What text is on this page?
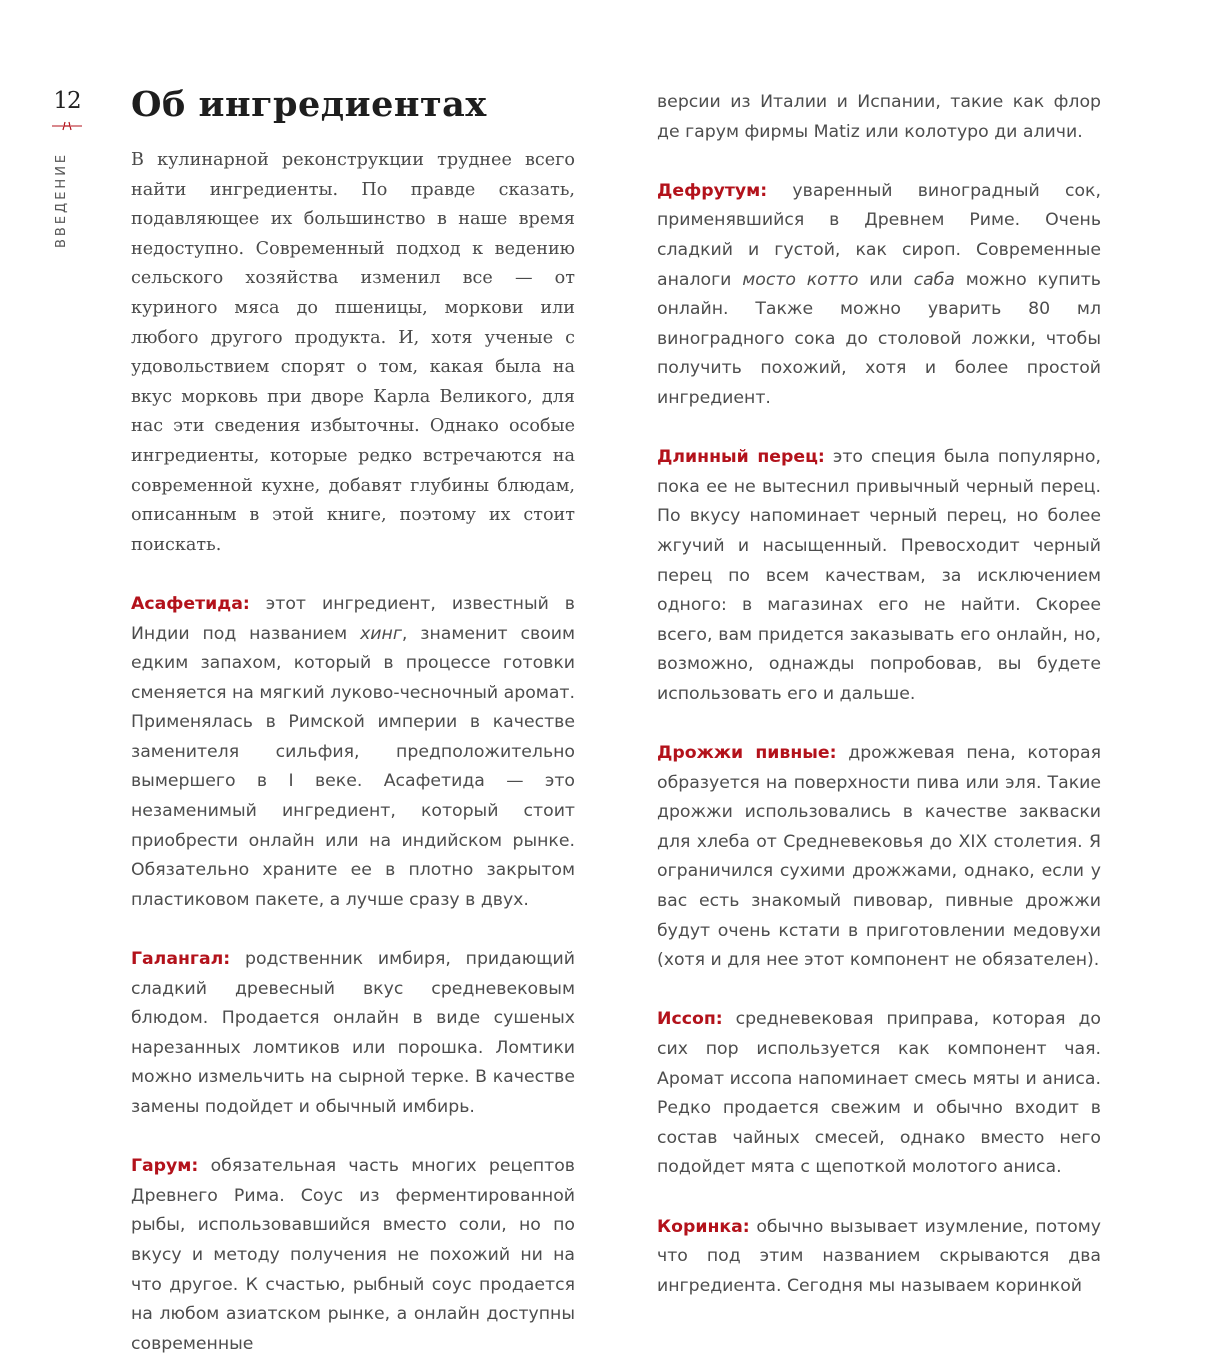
12
ВВЕДЕНИЕ
Об ингредиентах

В кулинарной реконструкции труднее всего найти ингредиенты. По правде сказать, подавляющее их большинство в наше время недоступно. Современный подход к ведению сельского хозяйства изменил все — от куриного мяса до пшеницы, моркови или любого другого продукта. И, хотя ученые с удовольствием спорят о том, какая была на вкус морковь при дворе Карла Великого, для нас эти сведения избыточны. Однако особые ингредиенты, которые редко встречаются на современной кухне, добавят глубины блюдам, описанным в этой книге, поэтому их стоит поискать.

Асафетида: этот ингредиент, известный в Индии под названием хинг, знаменит своим едким запахом, который в процессе готовки сменяется на мягкий луково-чесночный аромат. Применялась в Римской империи в качестве заменителя сильфия, предположительно вымершего в I веке. Асафетида — это незаменимый ингредиент, который стоит приобрести онлайн или на индийском рынке. Обязательно храните ее в плотно закрытом пластиковом пакете, а лучше сразу в двух.

Галангал: родственник имбиря, придающий сладкий древесный вкус средневековым блюдом. Продается онлайн в виде сушеных нарезанных ломтиков или порошка. Ломтики можно измельчить на сырной терке. В качестве замены подойдет и обычный имбирь.

Гарум: обязательная часть многих рецептов Древнего Рима. Соус из ферментированной рыбы, использовавшийся вместо соли, но по вкусу и методу получения не похожий ни на что другое. К счастью, рыбный соус продается на любом азиатском рынке, а онлайн доступны современные

версии из Италии и Испании, такие как флор де гарум фирмы Matiz или колотуро ди аличи.

Дефрутум: уваренный виноградный сок, применявшийся в Древнем Риме. Очень сладкий и густой, как сироп. Современные аналоги мосто котто или саба можно купить онлайн. Также можно уварить 80 мл виноградного сока до столовой ложки, чтобы получить похожий, хотя и более простой ингредиент.

Длинный перец: это специя была популярно, пока ее не вытеснил привычный черный перец. По вкусу напоминает черный перец, но более жгучий и насыщенный. Превосходит черный перец по всем качествам, за исключением одного: в магазинах его не найти. Скорее всего, вам придется заказывать его онлайн, но, возможно, однажды попробовав, вы будете использовать его и дальше.

Дрожжи пивные: дрожжевая пена, которая образуется на поверхности пива или эля. Такие дрожжи использовались в качестве закваски для хлеба от Средневековья до XIX столетия. Я ограничился сухими дрожжами, однако, если у вас есть знакомый пивовар, пивные дрожжи будут очень кстати в приготовлении медовухи (хотя и для нее этот компонент не обязателен).

Иссоп: средневековая приправа, которая до сих пор используется как компонент чая. Аромат иссопа напоминает смесь мяты и аниса. Редко продается свежим и обычно входит в состав чайных смесей, однако вместо него подойдет мята с щепоткой молотого аниса.

Коринка: обычно вызывает изумление, потому что под этим названием скрываются два ингредиента. Сегодня мы называем коринкой
